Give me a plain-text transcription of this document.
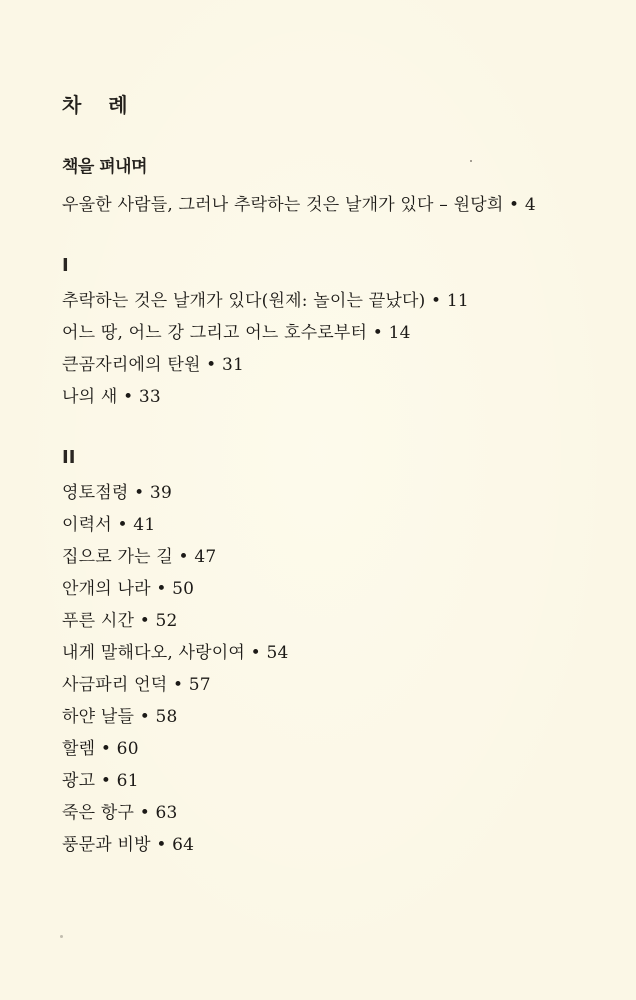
차 례
책을 펴내며
우울한 사람들, 그러나 추락하는 것은 날개가 있다 – 원당희 • 4
I
추락하는 것은 날개가 있다(원제: 놀이는 끝났다) • 11
어느 땅, 어느 강 그리고 어느 호수로부터 • 14
큰곰자리에의 탄원 • 31
나의 새 • 33
II
영토점령 • 39
이력서 • 41
집으로 가는 길 • 47
안개의 나라 • 50
푸른 시간 • 52
내게 말해다오, 사랑이여 • 54
사금파리 언덕 • 57
하얀 날들 • 58
할렘 • 60
광고 • 61
죽은 항구 • 63
풍문과 비방 • 64
